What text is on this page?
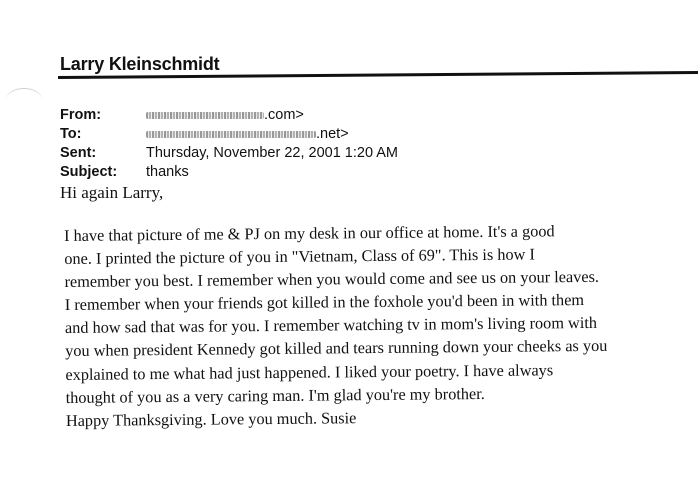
Larry Kleinschmidt
From:	.com>
To:	.net>
Sent:	Thursday, November 22, 2001 1:20 AM
Subject:	thanks
Hi again Larry,
I have that picture of me & PJ on my desk in our office at home. It's a good
one. I printed the picture of you in "Vietnam, Class of 69". This is how I
remember you best. I remember when you would come and see us on your leaves.
I remember when your friends got killed in the foxhole you'd been in with them
and how sad that was for you. I remember watching tv in mom's living room with
you when president Kennedy got killed and tears running down your cheeks as you
explained to me what had just happened. I liked your poetry. I have always
thought of you as a very caring man. I'm glad you're my brother.
Happy Thanksgiving. Love you much. Susie
